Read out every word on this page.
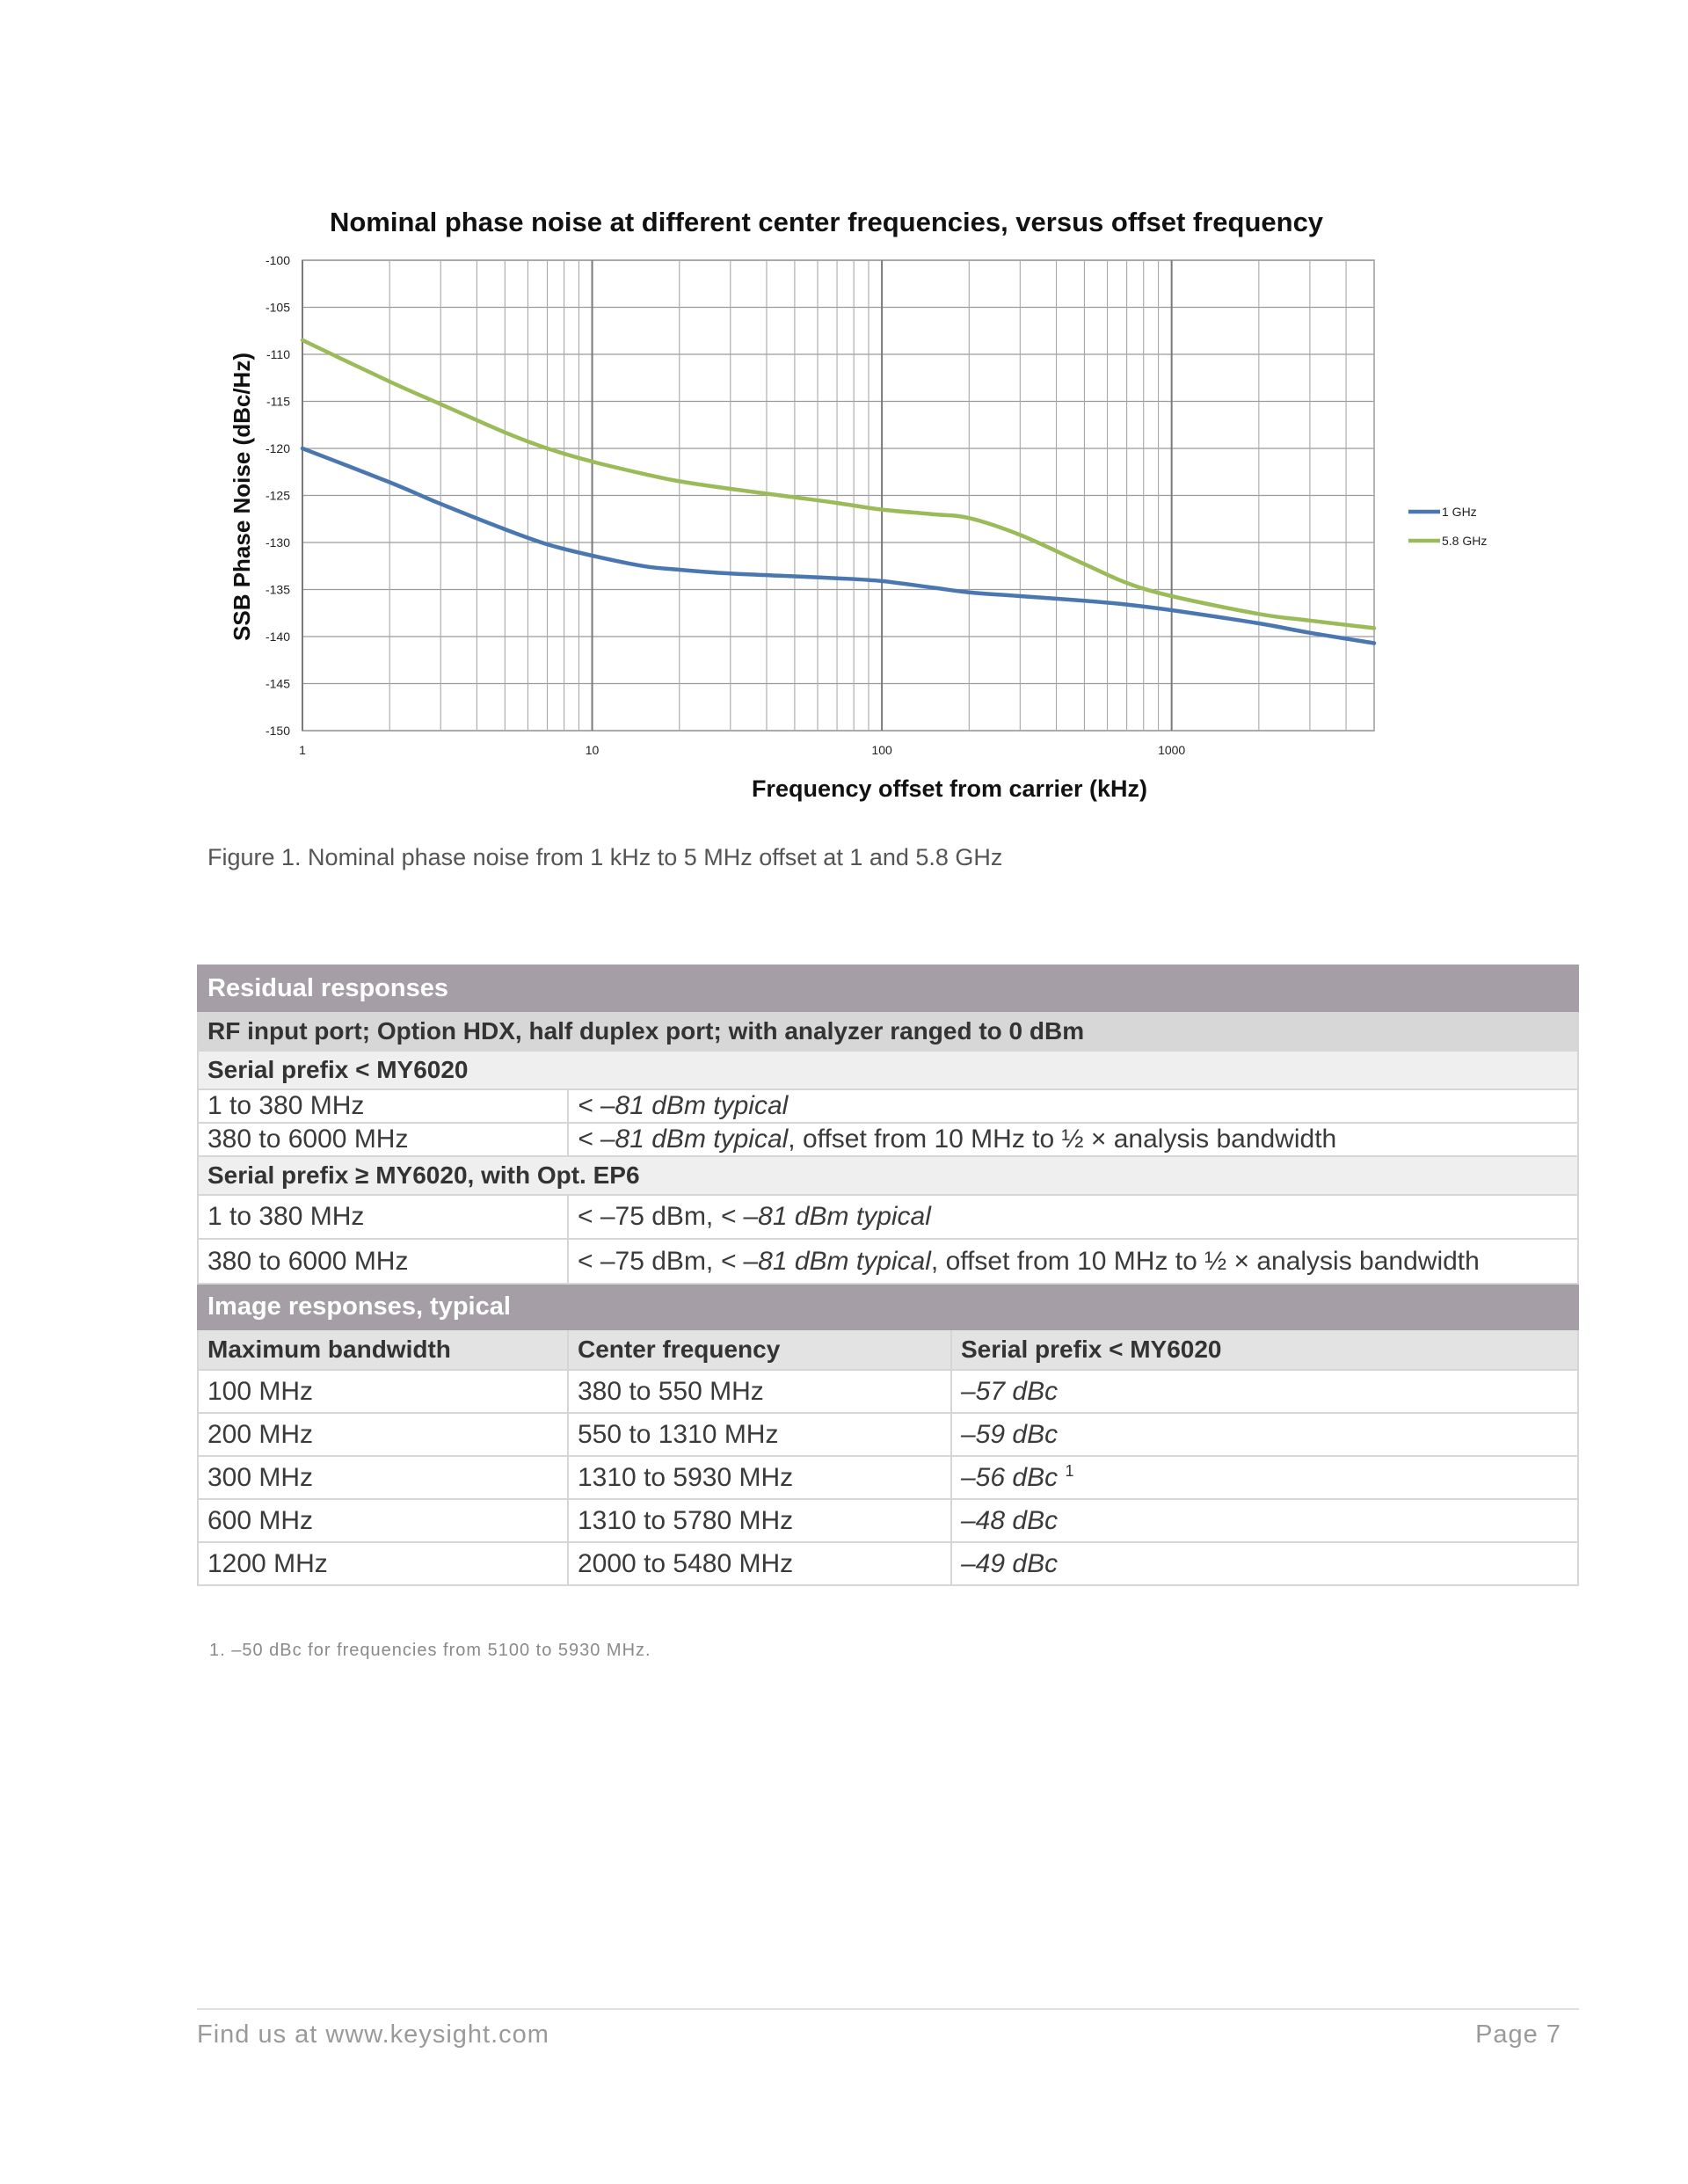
-100
-105
-110
-115
-120
-125
-130
-135
-140
-145
-150
1	10	100	1000
1 GHz
5.8 GHz
Nominal phase noise at different center frequencies, versus offset frequency
Frequency offset from carrier (kHz)
SSB Phase Noise (dBc/Hz)
Figure 1. Nominal phase noise from 1 kHz to 5 MHz offset at 1 and 5.8 GHz
Residual responses		
RF input port; Option HDX, half duplex port; with analyzer ranged to 0 dBm		
Serial prefix < MY6020		
1 to 380 MHz	< –81 dBm typical	
380 to 6000 MHz	< –81 dBm typical, offset from 10 MHz to ½ × analysis bandwidth	
Serial prefix ≥ MY6020, with Opt. EP6		
1 to 380 MHz	< –75 dBm, < –81 dBm typical	
380 to 6000 MHz	< –75 dBm, < –81 dBm typical, offset from 10 MHz to ½ × analysis bandwidth	
Image responses, typical		
Maximum bandwidth	Center frequency	Serial prefix < MY6020
100 MHz	380 to 550 MHz	–57 dBc
200 MHz	550 to 1310 MHz	–59 dBc
300 MHz	1310 to 5930 MHz	–56 dBc $^1$
600 MHz	1310 to 5780 MHz	–48 dBc
1200 MHz	2000 to 5480 MHz	–49 dBc
1. –50 dBc for frequencies from 5100 to 5930 MHz.
Find us at www.keysight.com	Page 7
